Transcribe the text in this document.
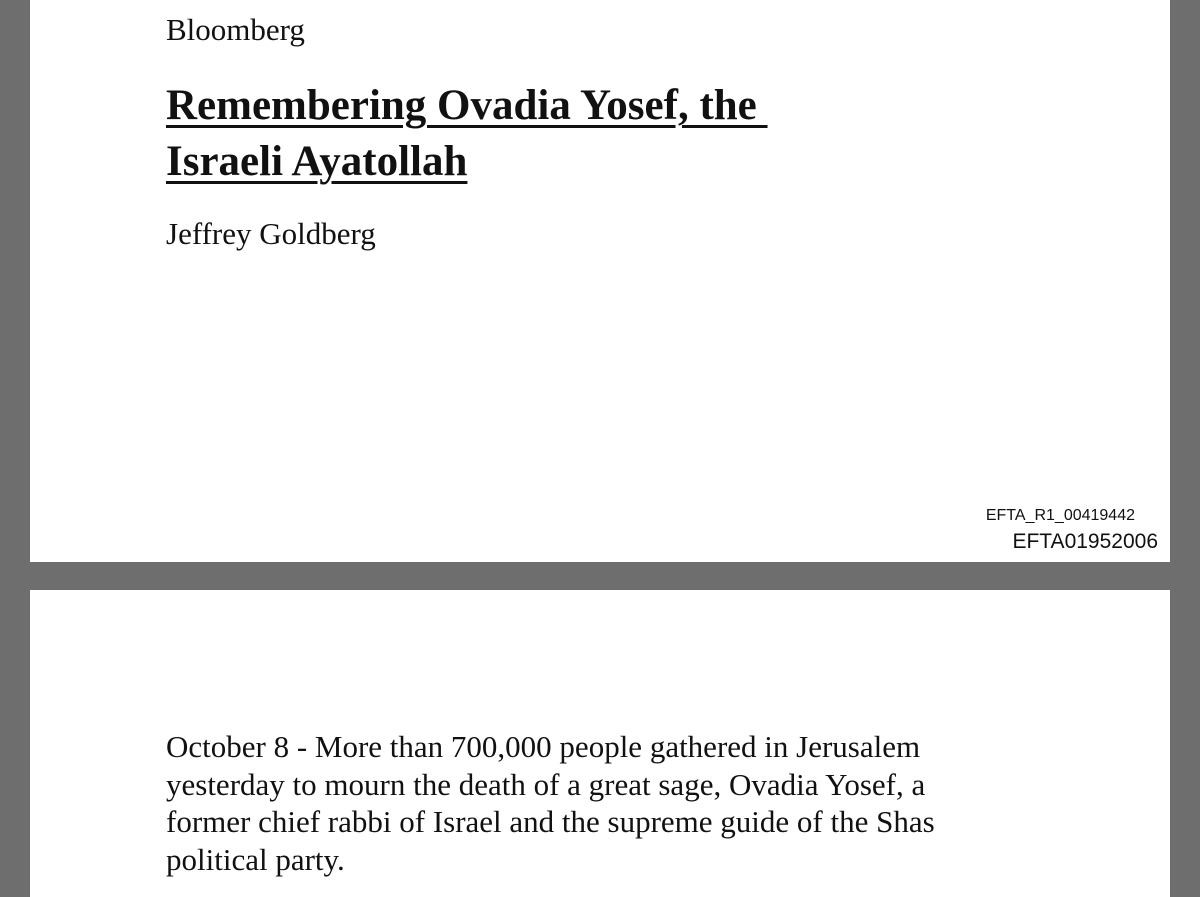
Bloomberg
Remembering Ovadia Yosef, the
Israeli Ayatollah
Jeffrey Goldberg
EFTA_R1_00419442
EFTA01952006

October 8 - More than 700,000 people gathered in Jerusalem
yesterday to mourn the death of a great sage, Ovadia Yosef, a
former chief rabbi of Israel and the supreme guide of the Shas
political party.
